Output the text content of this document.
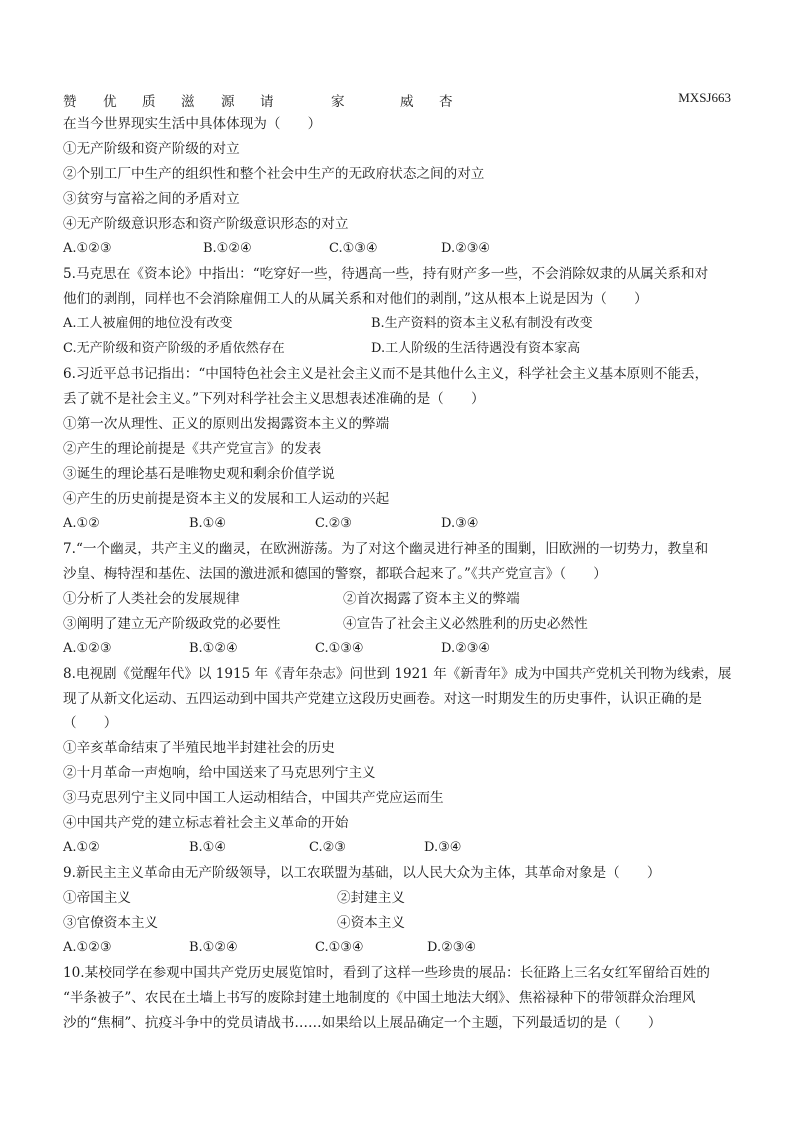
赞 优 质 滋 源 请	家	威 杏	MXSJ663
在当今世界现实生活中具体体现为（　　）
①无产阶级和资产阶级的对立
②个别工厂中生产的组织性和整个社会中生产的无政府状态之间的对立
③贫穷与富裕之间的矛盾对立
④无产阶级意识形态和资产阶级意识形态的对立
A.①②③	B.①②④	C.①③④	D.②③④
5.马克思在《资本论》中指出：“吃穿好一些，待遇高一些，持有财产多一些，不会消除奴隶的从属关系和对
他们的剥削，同样也不会消除雇佣工人的从属关系和对他们的剥削，”这从根本上说是因为（　　）
A.工人被雇佣的地位没有改变	B.生产资料的资本主义私有制没有改变
C.无产阶级和资产阶级的矛盾依然存在	D.工人阶级的生活待遇没有资本家高
6.习近平总书记指出：“中国特色社会主义是社会主义而不是其他什么主义，科学社会主义基本原则不能丢，
丢了就不是社会主义。”下列对科学社会主义思想表述准确的是（　　）
①第一次从理性、正义的原则出发揭露资本主义的弊端
②产生的理论前提是《共产党宣言》的发表
③诞生的理论基石是唯物史观和剩余价值学说
④产生的历史前提是资本主义的发展和工人运动的兴起
A.①②	B.①④	C.②③	D.③④
7.“一个幽灵，共产主义的幽灵，在欧洲游荡。为了对这个幽灵进行神圣的围剿，旧欧洲的一切势力，教皇和
沙皇、梅特涅和基佐、法国的激进派和德国的警察，都联合起来了。”《共产党宣言》（　　）
①分析了人类社会的发展规律	②首次揭露了资本主义的弊端
③阐明了建立无产阶级政党的必要性	④宣告了社会主义必然胜利的历史必然性
A.①②③	B.①②④	C.①③④	D.②③④
8.电视剧《觉醒年代》以 1915 年《青年杂志》问世到 1921 年《新青年》成为中国共产党机关刊物为线索，展
现了从新文化运动、五四运动到中国共产党建立这段历史画卷。对这一时期发生的历史事件，认识正确的是
（　　）
①辛亥革命结束了半殖民地半封建社会的历史
②十月革命一声炮响，给中国送来了马克思列宁主义
③马克思列宁主义同中国工人运动相结合，中国共产党应运而生
④中国共产党的建立标志着社会主义革命的开始
A.①②	B.①④	C.②③	D.③④
9.新民主主义革命由无产阶级领导，以工农联盟为基础，以人民大众为主体，其革命对象是（　　）
①帝国主义	②封建主义
③官僚资本主义	④资本主义
A.①②③	B.①②④	C.①③④	D.②③④
10.某校同学在参观中国共产党历史展览馆时，看到了这样一些珍贵的展品：长征路上三名女红军留给百姓的
“半条被子”、农民在土墙上书写的废除封建土地制度的《中国土地法大纲》、焦裕禄种下的带领群众治理风
沙的“焦桐”、抗疫斗争中的党员请战书……如果给以上展品确定一个主题，下列最适切的是（　　）
